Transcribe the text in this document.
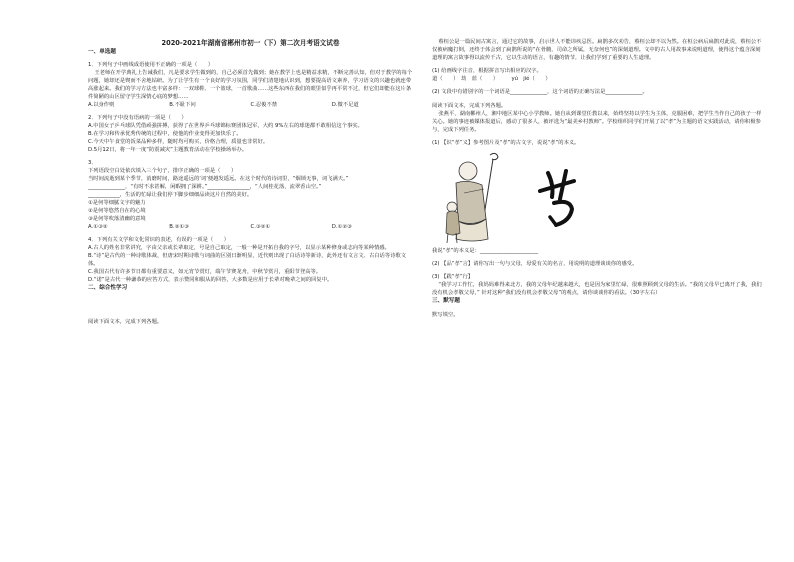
2020-2021年湖南省郴州市初一（下）第二次月考语文试卷

一、单选题

1．下列句子中画线成语使用不正确的一项是（　　）

王老师在开学典礼上告诫我们，凡是要求学生做到的，自己必须首先做到；她在教学上也是精益求精，不断完善认知，但对于教学的每个问题，她却还是锲而不舍地钻研。为了让学生有一个良好的学习氛围，同学们清楚地认识到，想要提高语文素养，学习语文的兴趣也就连带高涨起来。我们的学习方法也丰富多样：一双球鞋、一个篮球，一首歌曲……这些东西在我们的眼里似乎再平常不过，但它们却能在这片条件简陋的山区留守学生深情心底的梦想……

A.以身作则	B.不耻下问	C.忍俊不禁	D.微不足道

2．下列句子中没有语病的一项是（　　）

A.中国女子乒乓球队凭借顽强拼搏，获得了在世界乒乓球锦标赛团体冠军，大约 9%左右的球迷都不敢相信这个事实。

B.在学习和传承优秀传统的过程中，使他的作业变得更加快乐了。

C.今天中午食堂的饭菜品种多样，随时均可购买，价格合理，质量也非常好。

D.5月12日，将一年一度“防震减灾”主题教育活动在学校操场举办。

3．

下列语段空白处依次填入三个句子，排序正确的一项是（　　）

当时间流逝到某个季节，消磨时间，路途遥远的‘词’便越发遥远。在这个时代的诗词里，“烟锁无事，词飞满天。”

______________，“有时不求甚解，闲暇拥了深耕。”________________，“人间桂花落，流翠香山空。”

____________，生活的忙碌让我们停下脚步细细品读这片自然的美好。

①是何等细腻文字的魅力

②是何等悠然自在的心境

③是何等吹落清幽的意境

A.①③②	B.②①③	C.③②①	D.①②③

4．下列有关文学和文化常识的表述，有误的一项是（　　）

A.古人的姓名非常讲究，字由父亲或长辈取定，号是自己取定，一般一种是开拓自我的字号，以显示某种修身或志向等某种情感。

B.“诗”是古代的一种诗歌体裁，但唐宋时期诗歌与词曲的区别日渐明显，近代则出现了白话诗等新诗，此外还有文言文、古白话等诗歌文体。

C.我国古代有许多节日都有重要意义，如元宵节赏灯，端午节赛龙舟，中秋节赏月，重阳节登高等。

D.“诺”是古代一种谦恭的应答方式，表示赞同和服从的回答，大多数是应用于长辈对晚辈之间的回复中。

二、综合性学习

阅读下面文本，完成下列各题。

蔡桓公是一篇民间古寓言，通过它的故事，启示世人不能讳疾忌医。扁鹊多次劝告，蔡桓公却不以为然。在桓公病后扁鹊对此说，蔡桓公不仅被病魔打倒，还终于体会到了扁鹊所说的“在骨髓，司命之所属，无奈何也”的深刻道理。文中的古人用故事来说明道理，使得这个蕴含深刻道理的寓言故事得以流传千古，它以生动的语言，有趣的情节，让我们学到了重要的人生道理。

(1) 给画线字注音，根据拼音写出相应的汉字。

道（　　）　劫　蓝（　　）　　　yú　jié（　　）

(2) 文段中有错别字的一个词语是______________，这个词语的正确写法是______________。

阅读下面文本，完成下列各题。

张燕平，湖南郴州人，湘中地区某中心小学教师。她自从到课堂任教以来，始终坚持以学生为主体，克服困难，把学生当作自己的孩子一样关心。她的事迹被媒体报道后，感动了很多人，被评选为“最美乡村教师”。学校组织同学们开展了以“孝”为主题的语文实践活动，请你积极参与，完成下列任务。

(1) 【识“孝”义】参考图片及“孝”的古文字，说说“孝”的本义。

我说“孝”的本义是：______________________

(2) 【品“孝”言】请你写出一句与父母，母爱有关的名言，用说明的道理谈谈你的感受。

(3) 【践“孝”行】

“我学习工作忙，我妈妈难得来北方，我的父母年纪越来越大，也是因为家里忙碌，很难照顾到父母的生活。“我的父母早已离开了我，我们没有机会孝敬父母，” 针对这种“我们没有机会孝敬父母”的观点，请你谈谈你的看法。（30字左右）

三、默写题

默写填空。
